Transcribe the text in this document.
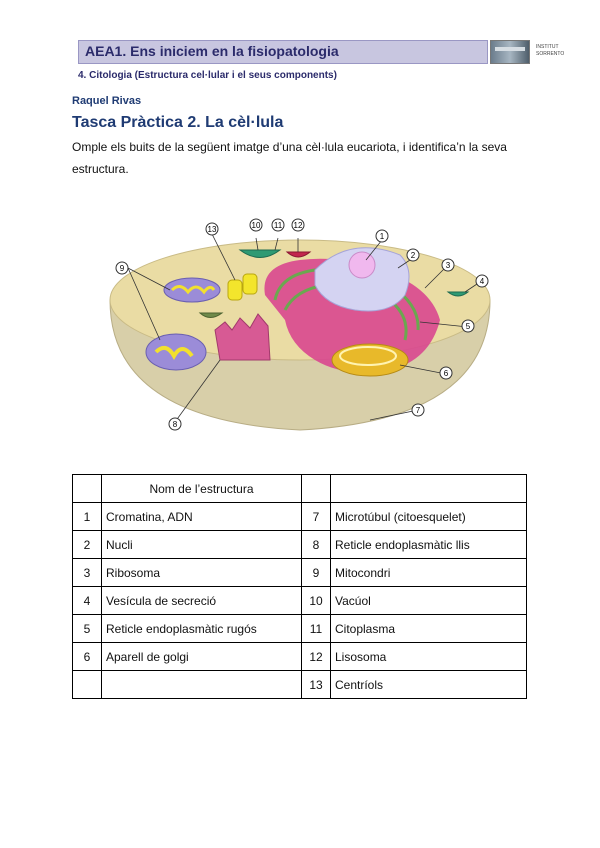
AEA1. Ens iniciem en la fisiopatologia	INSTITUT
SORRENTO
4. Citologia (Estructura cel·lular i el seus components)
Raquel Rivas
Tasca Pràctica 2. La cèl·lula
Omple els buits de la següent imatge d’una cèl·lula eucariota, i identifica’n la seva estructura.
1
2
3
4
5
6
7
8
9
10 11 12
13
	Nom de l’estructura		
1	Cromatina, ADN	7	Microtúbul (citoesquelet)
2	Nucli	8	Reticle endoplasmàtic llis
3	Ribosoma	9	Mitocondri
4	Vesícula de secreció	10	Vacúol
5	Reticle endoplasmàtic rugós	11	Citoplasma
6	Aparell de golgi	12	Lisosoma
		13	Centríols
